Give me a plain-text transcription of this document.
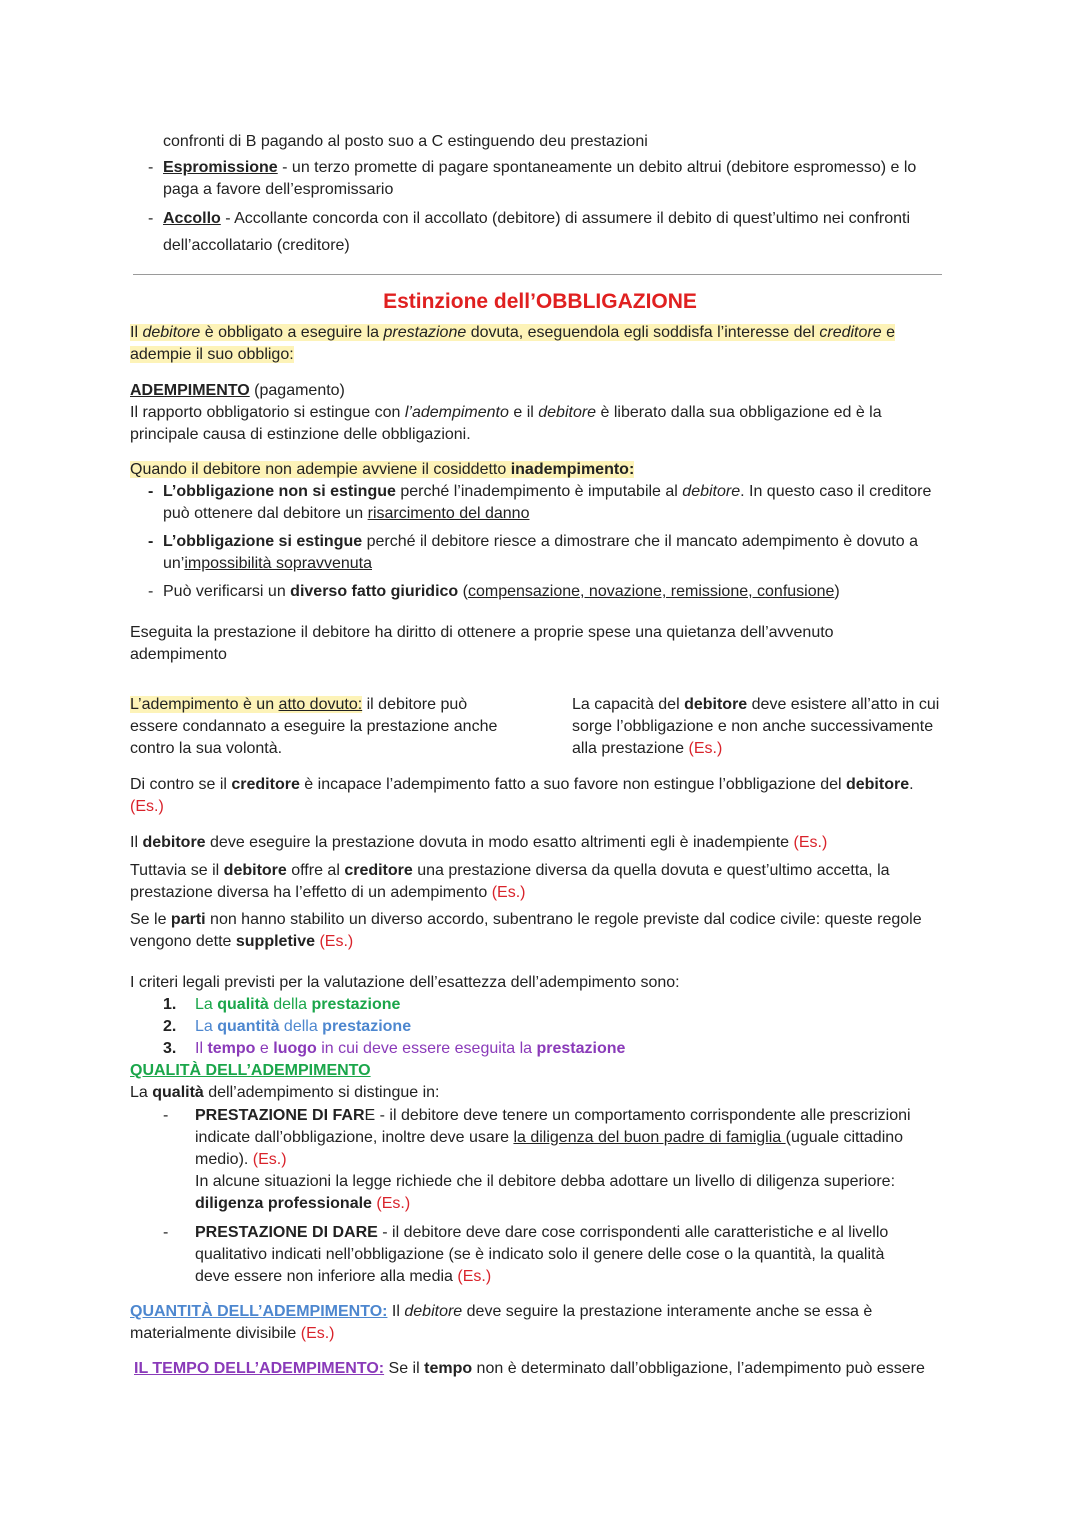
confronti di B pagando al posto suo a C estinguendo deu prestazioni
- Espromissione - un terzo promette di pagare spontaneamente un debito altrui (debitore espromesso) e lo
paga a favore dell’espromissario
- Accollo - Accollante concorda con il accollato (debitore) di assumere il debito di quest’ultimo nei confronti
dell’accollatario (creditore)
Estinzione dell’OBBLIGAZIONE
Il debitore è obbligato a eseguire la prestazione dovuta, eseguendola egli soddisfa l’interesse del creditore e
adempie il suo obbligo:
ADEMPIMENTO (pagamento)
Il rapporto obbligatorio si estingue con l’adempimento e il debitore è liberato dalla sua obbligazione ed è la
principale causa di estinzione delle obbligazioni.
Quando il debitore non adempie avviene il cosiddetto inadempimento:
- L’obbligazione non si estingue perché l’inadempimento è imputabile al debitore. In questo caso il creditore
può ottenere dal debitore un risarcimento del danno
- L’obbligazione si estingue perché il debitore riesce a dimostrare che il mancato adempimento è dovuto a
un’impossibilità sopravvenuta
- Può verificarsi un diverso fatto giuridico (compensazione, novazione, remissione, confusione)
Eseguita la prestazione il debitore ha diritto di ottenere a proprie spese una quietanza dell’avvenuto
adempimento
L’adempimento è un atto dovuto: il debitore può
essere condannato a eseguire la prestazione anche
contro la sua volontà.
La capacità del debitore deve esistere all’atto in cui
sorge l’obbligazione e non anche successivamente
alla prestazione (Es.)
Di contro se il creditore è incapace l’adempimento fatto a suo favore non estingue l’obbligazione del debitore.
(Es.)
Il debitore deve eseguire la prestazione dovuta in modo esatto altrimenti egli è inadempiente (Es.)
Tuttavia se il debitore offre al creditore una prestazione diversa da quella dovuta e quest’ultimo accetta, la
prestazione diversa ha l’effetto di un adempimento (Es.)
Se le parti non hanno stabilito un diverso accordo, subentrano le regole previste dal codice civile: queste regole
vengono dette suppletive (Es.)
I criteri legali previsti per la valutazione dell’esattezza dell’adempimento sono:
1. La qualità della prestazione
2. La quantità della prestazione
3. Il tempo e luogo in cui deve essere eseguita la prestazione
QUALITÀ DELL’ADEMPIMENTO
La qualità dell’adempimento si distingue in:
- PRESTAZIONE DI FARE - il debitore deve tenere un comportamento corrispondente alle prescrizioni
indicate dall’obbligazione, inoltre deve usare la diligenza del buon padre di famiglia (uguale cittadino
medio). (Es.)
In alcune situazioni la legge richiede che il debitore debba adottare un livello di diligenza superiore:
diligenza professionale (Es.)
- PRESTAZIONE DI DARE - il debitore deve dare cose corrispondenti alle caratteristiche e al livello
qualitativo indicati nell’obbligazione (se è indicato solo il genere delle cose o la quantità, la qualità
deve essere non inferiore alla media (Es.)
QUANTITÀ DELL’ADEMPIMENTO: Il debitore deve seguire la prestazione interamente anche se essa è
materialmente divisibile (Es.)
IL TEMPO DELL’ADEMPIMENTO: Se il tempo non è determinato dall’obbligazione, l’adempimento può essere
